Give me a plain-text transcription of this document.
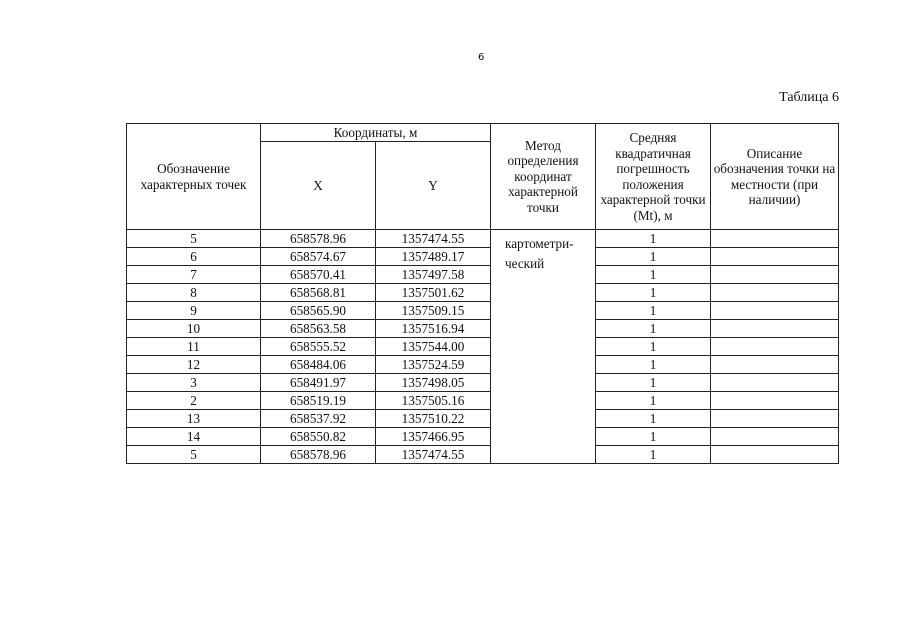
6
Таблица 6
Обозначение характерных точек	Координаты, м		Метод определения координат характерной точки	Средняя квадратичная погрешность положения характерной точки (Mt), м	Описание обозначения точки на местности (при наличии)
	X	Y			
5	658578.96	1357474.55	картометри-ческий	1	
6	658574.67	1357489.17		1	
7	658570.41	1357497.58		1	
8	658568.81	1357501.62		1	
9	658565.90	1357509.15		1	
10	658563.58	1357516.94		1	
11	658555.52	1357544.00		1	
12	658484.06	1357524.59		1	
3	658491.97	1357498.05		1	
2	658519.19	1357505.16		1	
13	658537.92	1357510.22		1	
14	658550.82	1357466.95		1	
5	658578.96	1357474.55		1	
